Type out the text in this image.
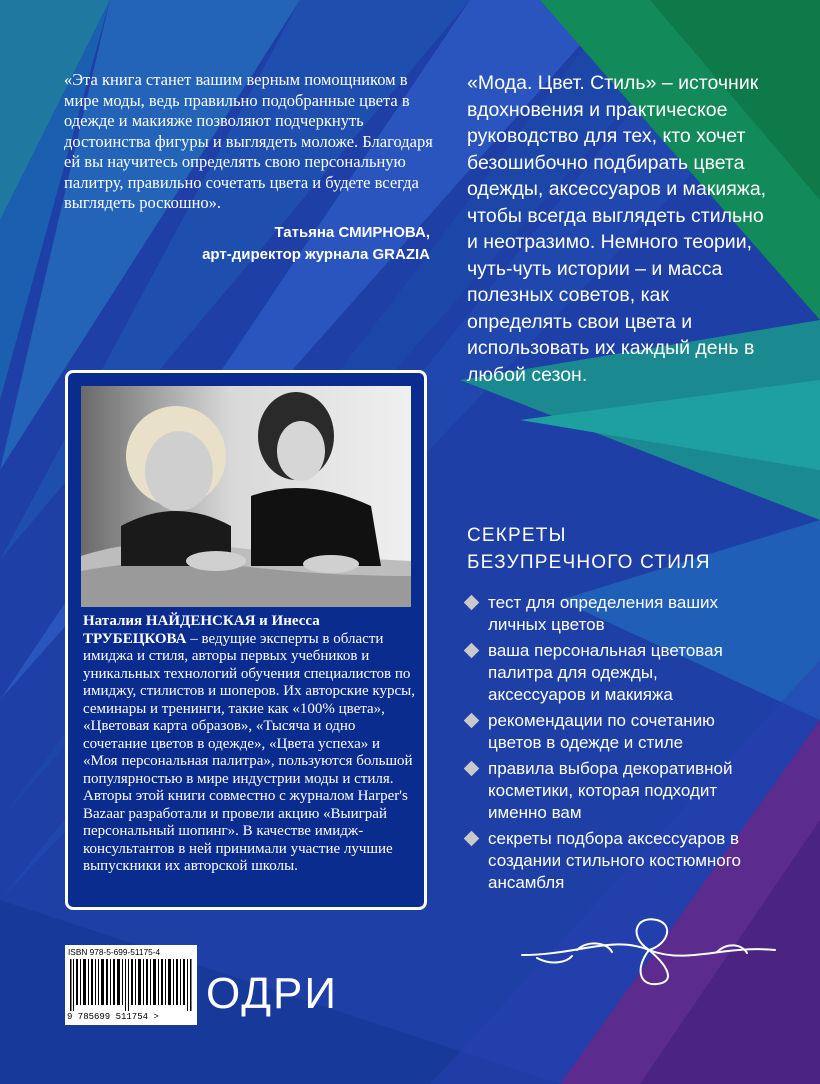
«Эта книга станет вашим верным помощником в мире моды, ведь правильно подобранные цвета в одежде и макияже позволяют подчеркнуть достоинства фигуры и выглядеть моложе. Благодаря ей вы научитесь определять свою персональную палитру, правильно сочетать цвета и будете всегда выглядеть роскошно».

Татьяна СМИРНОВА,
арт-директор журнала GRAZIA

«Мода. Цвет. Стиль» – источник вдохновения и практическое руководство для тех, кто хочет безошибочно подбирать цвета одежды, аксессуаров и макияжа, чтобы всегда выглядеть стильно и неотразимо. Немного теории, чуть-чуть истории – и масса полезных советов, как определять свои цвета и использовать их каждый день в любой сезон.

Наталия НАЙДЕНСКАЯ и Инесса ТРУБЕЦКОВА – ведущие эксперты в области имиджа и стиля, авторы первых учебников и уникальных технологий обучения специалистов по имиджу, стилистов и шоперов. Их авторские курсы, семинары и тренинги, такие как «100% цвета», «Цветовая карта образов», «Тысяча и одно сочетание цветов в одежде», «Цвета успеха» и «Моя персональная палитра», пользуются большой популярностью в мире индустрии моды и стиля. Авторы этой книги совместно с журналом Harper's Bazaar разработали и провели акцию «Выиграй персональный шопинг». В качестве имидж-консультантов в ней принимали участие лучшие выпускники их авторской школы.

СЕКРЕТЫ
БЕЗУПРЕЧНОГО СТИЛЯ
тест для определения ваших личных цветов
ваша персональная цветовая палитра для одежды, аксессуаров и макияжа
рекомендации по сочетанию цветов в одежде и стиле
правила выбора декоративной косметики, которая подходит именно вам
секреты подбора аксессуаров в создании стильного костюмного ансамбля
ISBN 978-5-699-51175-4
9 785699 511754 >	ОДРИ
